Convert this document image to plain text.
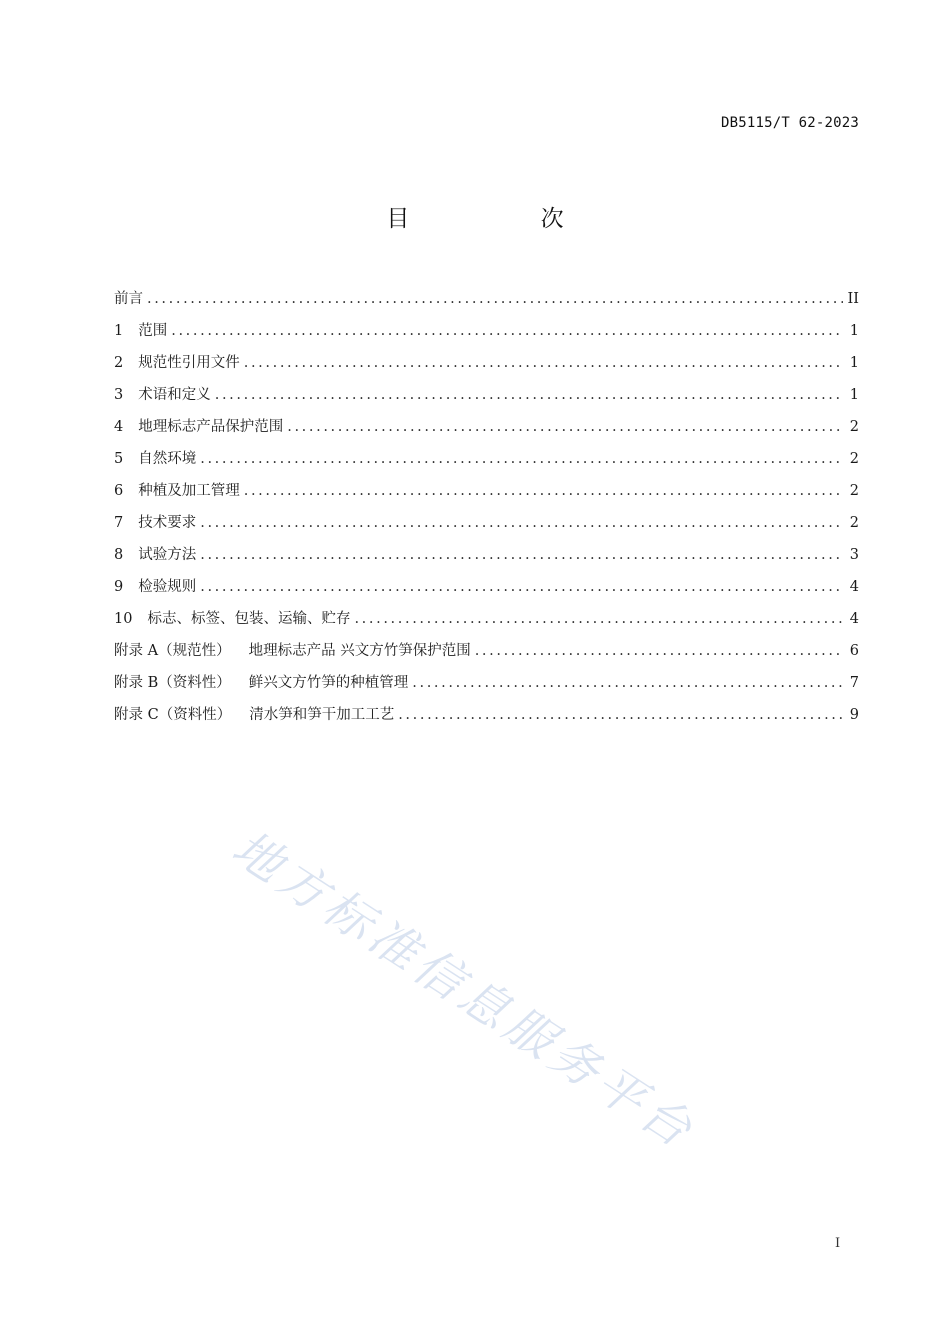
DB5115/T 62-2023
目 次
前言 . . .	II
1 范围 . . .	1
2 规范性引用文件 . . .	1
3 术语和定义 . . .	1
4 地理标志产品保护范围 . . .	2
5 自然环境 . . .	2
6 种植及加工管理 . . .	2
7 技术要求 . . .	2
8 试验方法 . . .	3
9 检验规则 . . .	4
10 标志、标签、包装、运输、贮存 . . .	4
附录 A（规范性） 地理标志产品 兴文方竹笋保护范围 . . .	6
附录 B（资料性） 鲜兴文方竹笋的种植管理 . . .	7
附录 C（资料性） 清水笋和笋干加工工艺 . . .	9
地方标准信息服务平台
I
